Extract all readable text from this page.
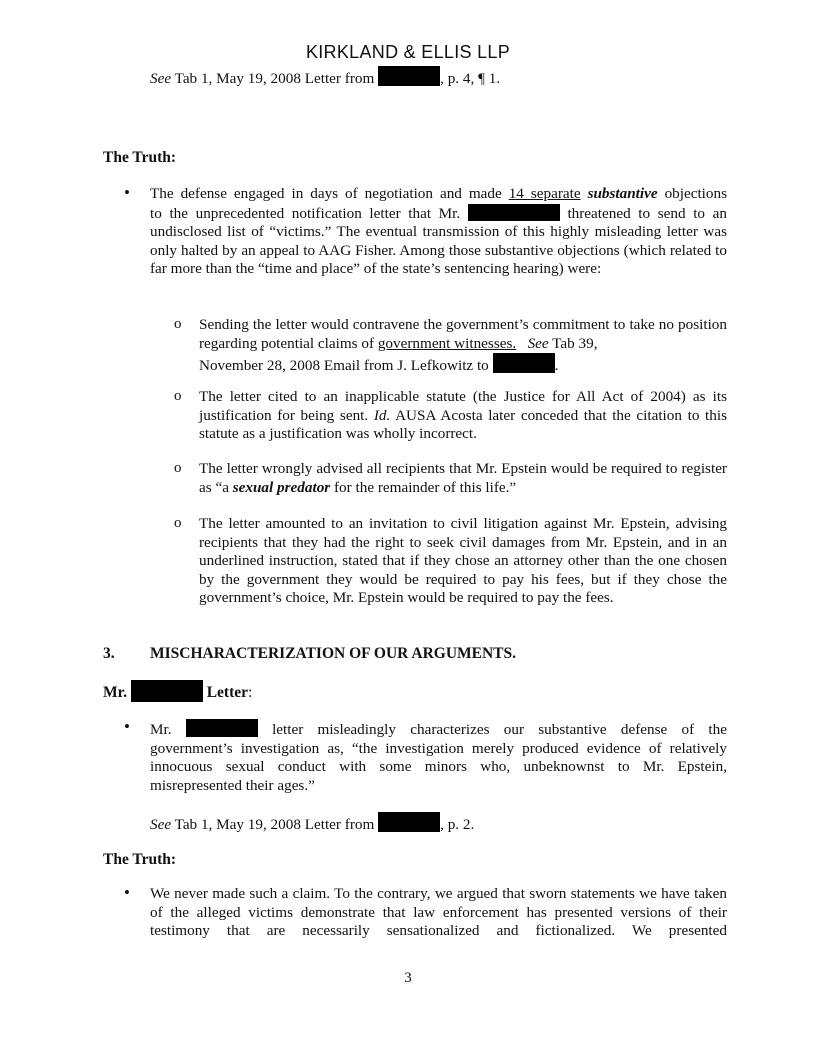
KIRKLAND & ELLIS LLP
See Tab 1, May 19, 2008 Letter from	, p. 4, ¶ 1.
The Truth:
• The defense engaged in days of negotiation and made 14 separate substantive objections
to the unprecedented notification letter that Mr.	threatened to send to an
undisclosed list of “victims.” The eventual transmission of this highly misleading letter was only halted by an appeal to AAG Fisher. Among those substantive objections (which related to far more than the “time and place” of the state’s sentencing hearing) were:
o Sending the letter would contravene the government’s commitment to take no position regarding potential claims of government witnesses. See Tab 39,
November 28, 2008 Email from J. Lefkowitz to	.
o The letter cited to an inapplicable statute (the Justice for All Act of 2004) as its justification for being sent. Id. AUSA Acosta later conceded that the citation to this statute as a justification was wholly incorrect.
o The letter wrongly advised all recipients that Mr. Epstein would be required to register as “a sexual predator for the remainder of this life.”
o The letter amounted to an invitation to civil litigation against Mr. Epstein, advising recipients that they had the right to seek civil damages from Mr. Epstein, and in an underlined instruction, stated that if they chose an attorney other than the one chosen by the government they would be required to pay his fees, but if they chose the government’s choice, Mr. Epstein would be required to pay the fees.
3. MISCHARACTERIZATION OF OUR ARGUMENTS.
Mr.	Letter:
• Mr.	letter misleadingly characterizes our substantive defense of the
government’s investigation as, “the investigation merely produced evidence of relatively innocuous sexual conduct with some minors who, unbeknownst to Mr. Epstein, misrepresented their ages.”
See Tab 1, May 19, 2008 Letter from	, p. 2.
The Truth:
• We never made such a claim. To the contrary, we argued that sworn statements we have taken of the alleged victims demonstrate that law enforcement has presented versions of their testimony that are necessarily sensationalized and fictionalized. We presented
3
